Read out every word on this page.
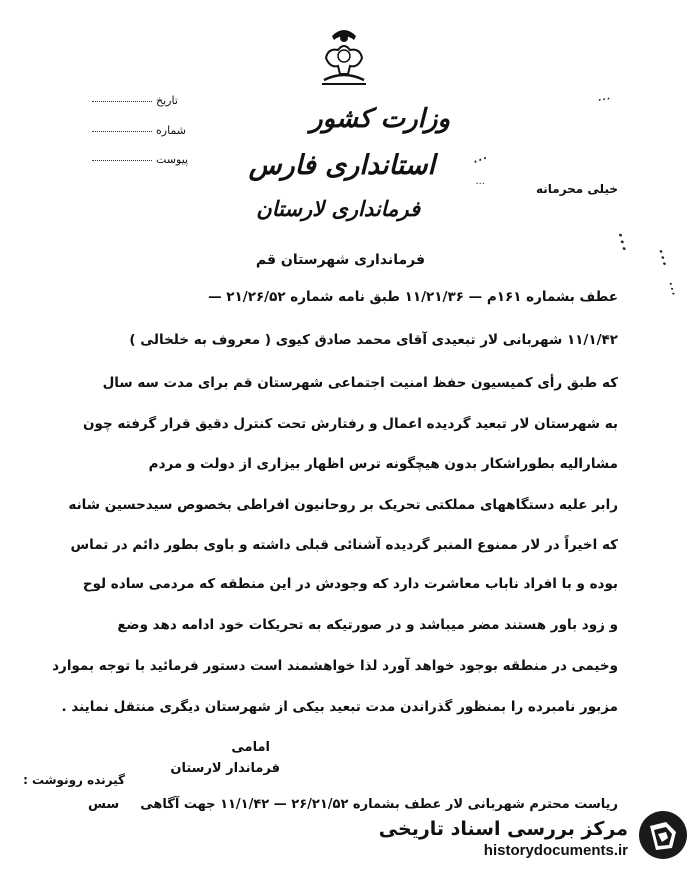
وزارت کشور
استانداری فارس
فرمانداری لارستان
تاریخ
شماره
پیوست
خیلی محرمانه
...
...
...
...
...
...
فرمانداری شهرستان قم
عطف بشماره ۱۶۱م — ۱۱/۲۱/۳۶ طبق نامه شماره ۲۱/۲۶/۵۲ —
۱۱/۱/۴۲ شهربانی لار تبعیدی آقای محمد صادق کیوی ( معروف به خلخالی )
که طبق رأی کمیسیون حفظ امنیت اجتماعی شهرستان قم برای مدت سه سال
به شهرستان لار تبعید گردیده اعمال و رفتارش تحت کنترل دقیق قرار گرفته چون
مشارالیه بطوراشکار بدون هیچگونه ترس اظهار بیزاری از دولت و مردم
رابر علیه دستگاههای مملکتی تحریک بر روحانیون افراطی بخصوص سیدحسین شانه
که اخیراً در لار ممنوع المنبر گردیده آشنائی قبلی داشته و باوی بطور دائم در تماس
بوده و با افراد ناباب معاشرت دارد که وجودش در این منطقه که مردمی ساده لوح
و زود باور هستند مضر میباشد و در صورتیکه به تحریکات خود ادامه دهد وضع
وخیمی در منطقه بوجود خواهد آورد لذا خواهشمند است دستور فرمائید با توجه بموارد
مزبور نامبرده را بمنظور گذراندن مدت تبعید بیکی از شهرستان دیگری منتقل نمایند .
امامی
فرماندار لارستان
گیرنده رونوشت :
ریاست محترم شهربانی لار عطف بشماره ۲۶/۲۱/۵۲ — ۱۱/۱/۴۲ جهت آگاهی
سس
مرکز بررسی اسناد تاریخی
historydocuments.ir
